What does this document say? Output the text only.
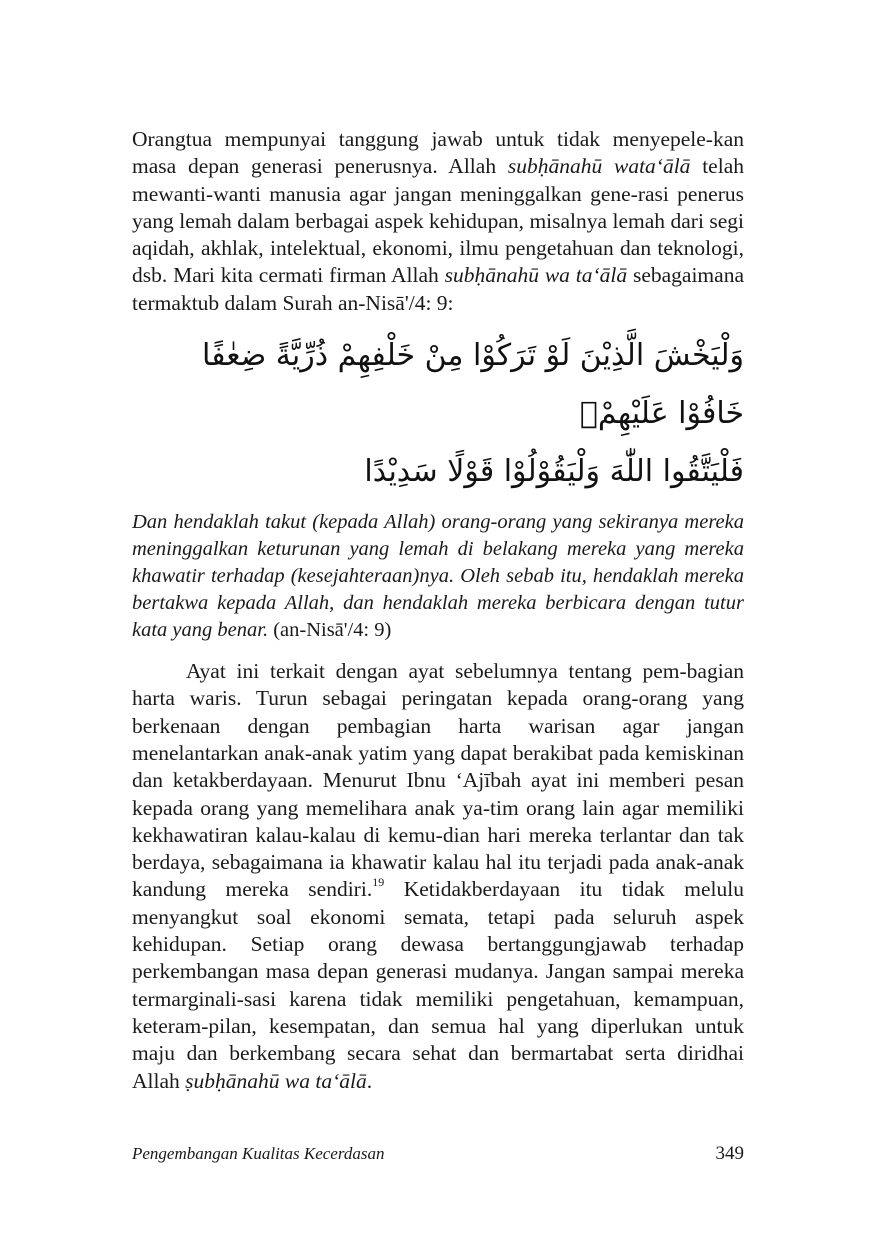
Orangtua mempunyai tanggung jawab untuk tidak menyepele-kan masa depan generasi penerusnya. Allah subḥānahū wata‘ālā telah mewanti-wanti manusia agar jangan meninggalkan gene-rasi penerus yang lemah dalam berbagai aspek kehidupan, misalnya lemah dari segi aqidah, akhlak, intelektual, ekonomi, ilmu pengetahuan dan teknologi, dsb. Mari kita cermati firman Allah subḥānahū wa ta‘ālā sebagaimana termaktub dalam Surah an-Nisā'/4: 9:

وَلْيَخْشَ الَّذِيْنَ لَوْ تَرَكُوْا مِنْ خَلْفِهِمْ ذُرِّيَّةً ضِعٰفًا خَافُوْا عَلَيْهِمْۖ
فَلْيَتَّقُوا اللّٰهَ وَلْيَقُوْلُوْا قَوْلًا سَدِيْدًا

Dan hendaklah takut (kepada Allah) orang-orang yang sekiranya mereka meninggalkan keturunan yang lemah di belakang mereka yang mereka khawatir terhadap (kesejahteraan)nya. Oleh sebab itu, hendaklah mereka bertakwa kepada Allah, dan hendaklah mereka berbicara dengan tutur kata yang benar. (an-Nisā'/4: 9)

Ayat ini terkait dengan ayat sebelumnya tentang pem-bagian harta waris. Turun sebagai peringatan kepada orang-orang yang berkenaan dengan pembagian harta warisan agar jangan menelantarkan anak-anak yatim yang dapat berakibat pada kemiskinan dan ketakberdayaan. Menurut Ibnu ‘Ajībah ayat ini memberi pesan kepada orang yang memelihara anak ya-tim orang lain agar memiliki kekhawatiran kalau-kalau di kemu-dian hari mereka terlantar dan tak berdaya, sebagaimana ia khawatir kalau hal itu terjadi pada anak-anak kandung mereka sendiri.$^{19}$ Ketidakberdayaan itu tidak melulu menyangkut soal ekonomi semata, tetapi pada seluruh aspek kehidupan. Setiap orang dewasa bertanggungjawab terhadap perkembangan masa depan generasi mudanya. Jangan sampai mereka termarginali-sasi karena tidak memiliki pengetahuan, kemampuan, keteram-pilan, kesempatan, dan semua hal yang diperlukan untuk maju dan berkembang secara sehat dan bermartabat serta diridhai Allah ṣubḥānahū wa ta‘ālā.

Pengembangan Kualitas Kecerdasan	349
